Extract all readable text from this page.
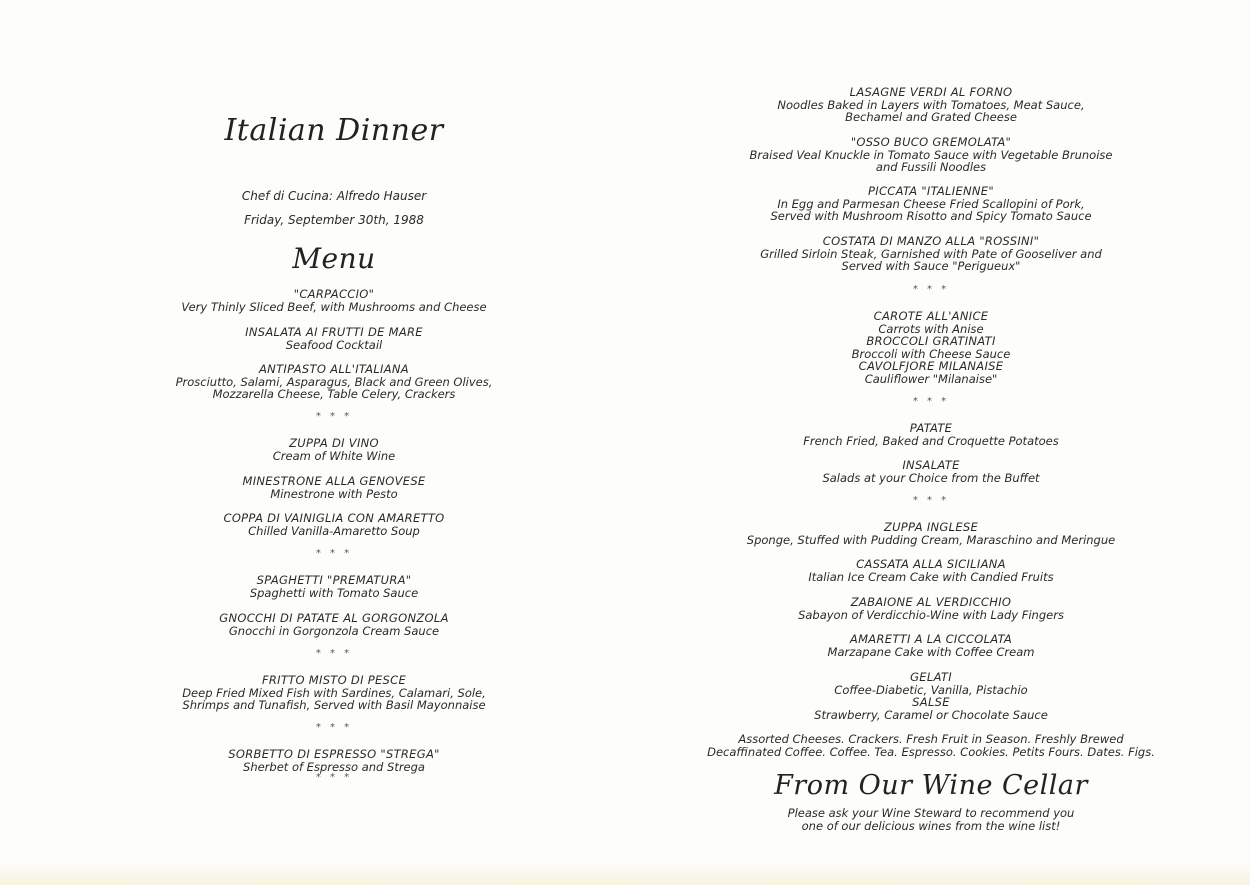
Italian Dinner
Chef di Cucina: Alfredo Hauser
Friday, September 30th, 1988
Menu
"CARPACCIO"
Very Thinly Sliced Beef, with Mushrooms and Cheese
INSALATA AI FRUTTI DE MARE
Seafood Cocktail
ANTIPASTO ALL'ITALIANA
Prosciutto, Salami, Asparagus, Black and Green Olives,
Mozzarella Cheese, Table Celery, Crackers
* * *
ZUPPA DI VINO
Cream of White Wine
MINESTRONE ALLA GENOVESE
Minestrone with Pesto
COPPA DI VAINIGLIA CON AMARETTO
Chilled Vanilla-Amaretto Soup
* * *
SPAGHETTI "PREMATURA"
Spaghetti with Tomato Sauce
GNOCCHI DI PATATE AL GORGONZOLA
Gnocchi in Gorgonzola Cream Sauce
* * *
FRITTO MISTO DI PESCE
Deep Fried Mixed Fish with Sardines, Calamari, Sole,
Shrimps and Tunafish, Served with Basil Mayonnaise
* * *
SORBETTO DI ESPRESSO "STREGA"
Sherbet of Espresso and Strega
* * *
LASAGNE VERDI AL FORNO
Noodles Baked in Layers with Tomatoes, Meat Sauce,
Bechamel and Grated Cheese
"OSSO BUCO GREMOLATA"
Braised Veal Knuckle in Tomato Sauce with Vegetable Brunoise
and Fussili Noodles
PICCATA "ITALIENNE"
In Egg and Parmesan Cheese Fried Scallopini of Pork,
Served with Mushroom Risotto and Spicy Tomato Sauce
COSTATA DI MANZO ALLA "ROSSINI"
Grilled Sirloin Steak, Garnished with Pate of Gooseliver and
Served with Sauce "Perigueux"
* * *
CAROTE ALL'ANICE
Carrots with Anise
BROCCOLI GRATINATI
Broccoli with Cheese Sauce
CAVOLFJORE MILANAISE
Cauliflower "Milanaise"
* * *
PATATE
French Fried, Baked and Croquette Potatoes
INSALATE
Salads at your Choice from the Buffet
* * *
ZUPPA INGLESE
Sponge, Stuffed with Pudding Cream, Maraschino and Meringue
CASSATA ALLA SICILIANA
Italian Ice Cream Cake with Candied Fruits
ZABAIONE AL VERDICCHIO
Sabayon of Verdicchio-Wine with Lady Fingers
AMARETTI A LA CICCOLATA
Marzapane Cake with Coffee Cream
GELATI
Coffee-Diabetic, Vanilla, Pistachio
SALSE
Strawberry, Caramel or Chocolate Sauce
Assorted Cheeses. Crackers. Fresh Fruit in Season. Freshly Brewed
Decaffinated Coffee. Coffee. Tea. Espresso. Cookies. Petits Fours. Dates. Figs.
From Our Wine Cellar
Please ask your Wine Steward to recommend you
one of our delicious wines from the wine list!
